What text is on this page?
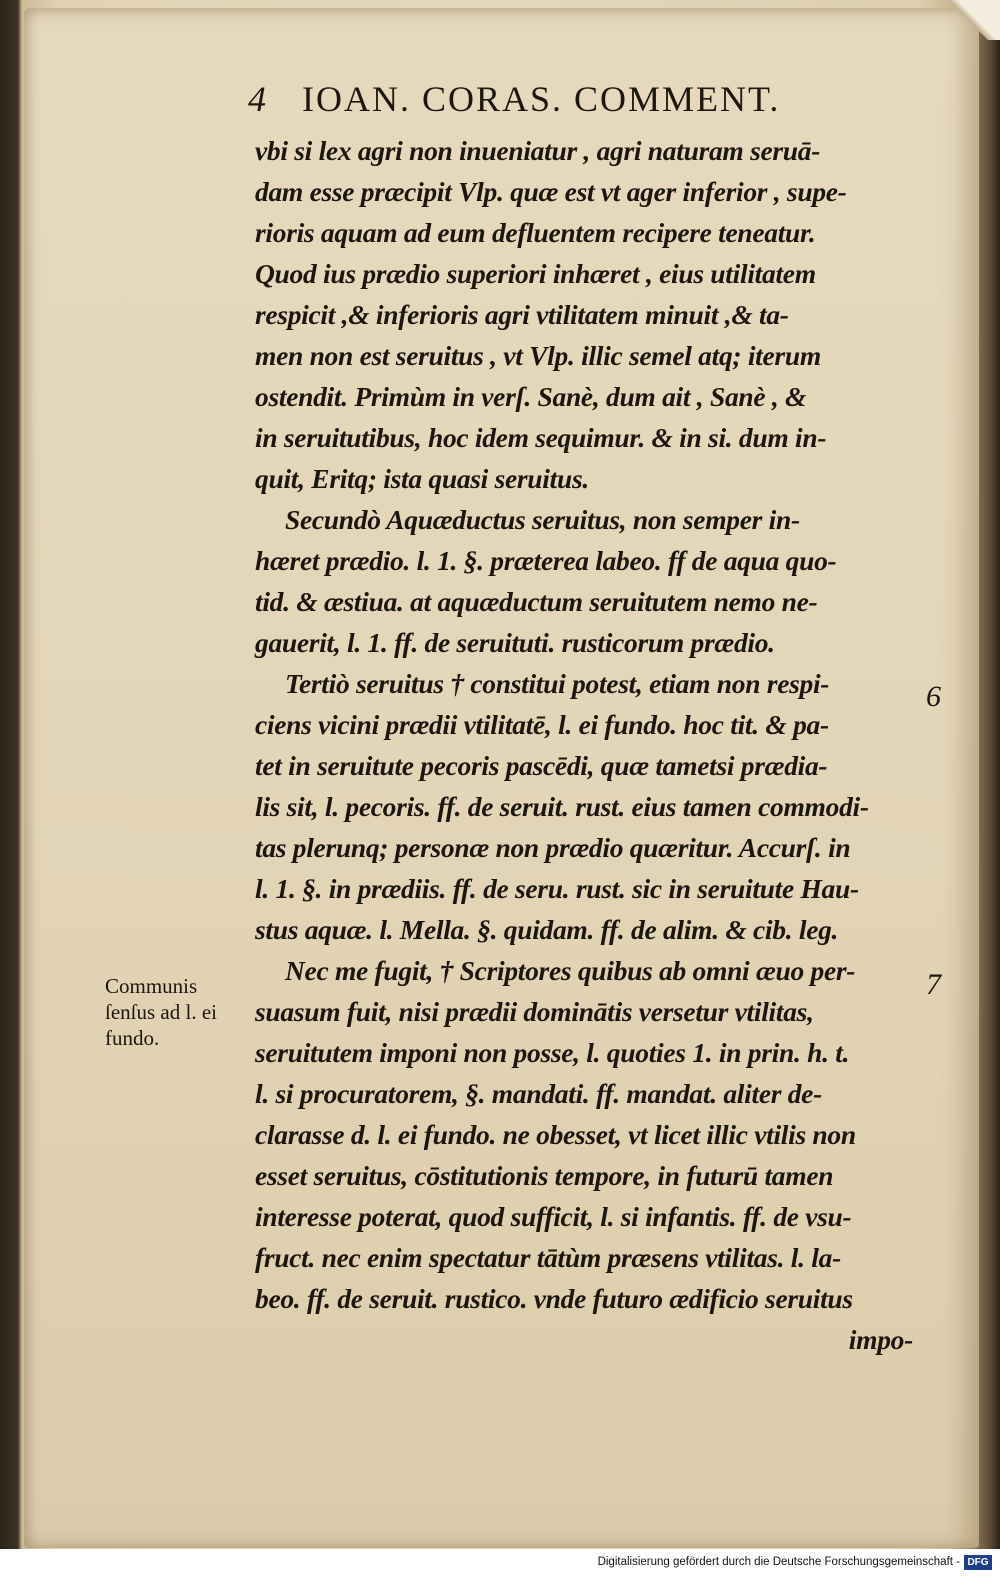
4 IOAN. CORAS. COMMENT.
vbi si lex agri non inueniatur , agri naturam seruā-
dam esse præcipit Vlp. quæ est vt ager inferior , supe-
rioris aquam ad eum defluentem recipere teneatur.
Quod ius prædio superiori inhæret , eius utilitatem
respicit ,& inferioris agri vtilitatem minuit ,& ta-
men non est seruitus , vt Vlp. illic semel atq; iterum
ostendit. Primùm in verſ. Sanè, dum ait , Sanè , &
in seruitutibus, hoc idem sequimur. & in si. dum in-
quit, Eritq; ista quasi seruitus.
Secundò Aquæductus seruitus, non semper in-
hæret prædio. l. 1. §. præterea labeo. ff de aqua quo-
tid. & æstiua. at aquæductum seruitutem nemo ne-
gauerit, l. 1. ff. de seruituti. rusticorum prædio.
Tertiò seruitus † constitui potest, etiam non respi-
ciens vicini prædii vtilitatē, l. ei fundo. hoc tit. & pa-
tet in seruitute pecoris pascēdi, quæ tametsi prædia-
lis sit, l. pecoris. ff. de seruit. rust. eius tamen commodi-
tas plerunq; personæ non prædio quæritur. Accurſ. in
l. 1. §. in prædiis. ff. de seru. rust. sic in seruitute Hau-
stus aquæ. l. Mella. §. quidam. ff. de alim. & cib. leg.
Nec me fugit, † Scriptores quibus ab omni æuo per-
suasum fuit, nisi prædii dominātis versetur vtilitas,
seruitutem imponi non posse, l. quoties 1. in prin. h. t.
l. si procuratorem, §. mandati. ff. mandat. aliter de-
clarasse d. l. ei fundo. ne obesset, vt licet illic vtilis non
esset seruitus, cōstitutionis tempore, in futurū tamen
interesse poterat, quod sufficit, l. si infantis. ff. de vsu-
fruct. nec enim spectatur tātùm præsens vtilitas. l. la-
beo. ff. de seruit. rustico. vnde futuro ædificio seruitus
impo-
6
7
Communis
ſenſus ad l. ei
fundo.
Digitalisierung gefördert durch die Deutsche Forschungsgemeinschaft - DFG
